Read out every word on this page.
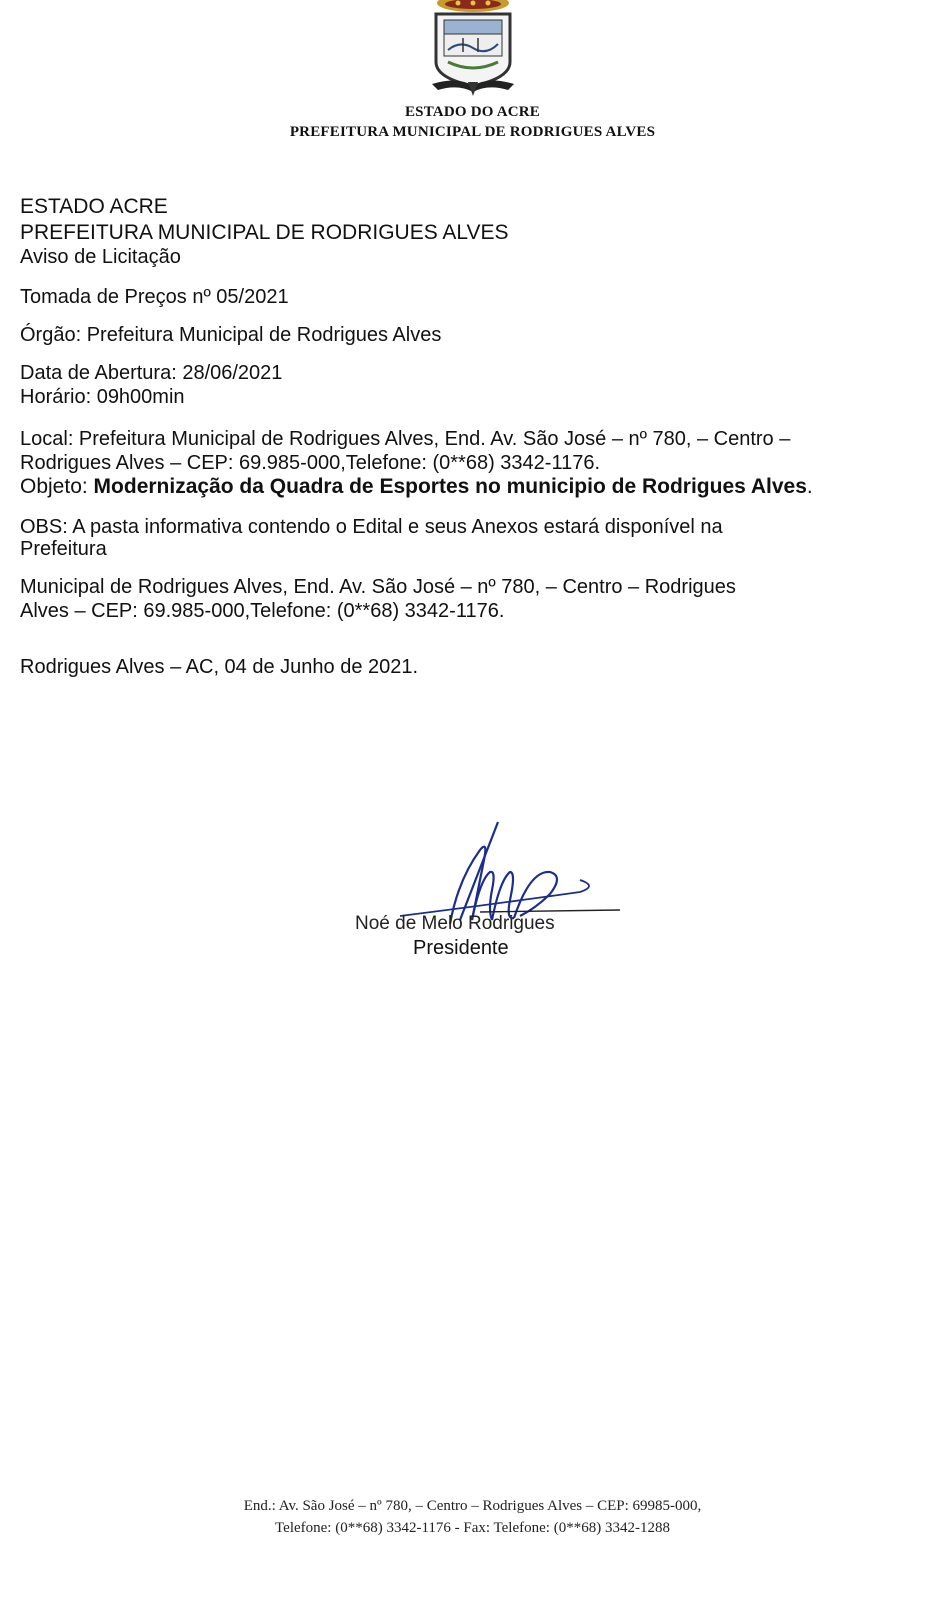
ESTADO DO ACRE
PREFEITURA MUNICIPAL DE RODRIGUES ALVES
ESTADO ACRE
PREFEITURA MUNICIPAL DE RODRIGUES ALVES
Aviso de Licitação
Tomada de Preços nº 05/2021
Órgão: Prefeitura Municipal de Rodrigues Alves
Data de Abertura: 28/06/2021
Horário: 09h00min
Local: Prefeitura Municipal de Rodrigues Alves, End. Av. São José – nº 780, – Centro –
Rodrigues Alves – CEP: 69.985-000,Telefone: (0**68) 3342-1176.
Objeto: Modernização da Quadra de Esportes no municipio de Rodrigues Alves.
OBS: A pasta informativa contendo o Edital e seus Anexos estará disponível na
Prefeitura
Municipal de Rodrigues Alves, End. Av. São José – nº 780, – Centro – Rodrigues
Alves – CEP: 69.985-000,Telefone: (0**68) 3342-1176.
Rodrigues Alves – AC, 04 de Junho de 2021.
Noé de Melo Rodrigues
Presidente
End.: Av. São José – nº 780, – Centro – Rodrigues Alves – CEP: 69985-000,
Telefone: (0**68) 3342-1176 - Fax: Telefone: (0**68) 3342-1288
